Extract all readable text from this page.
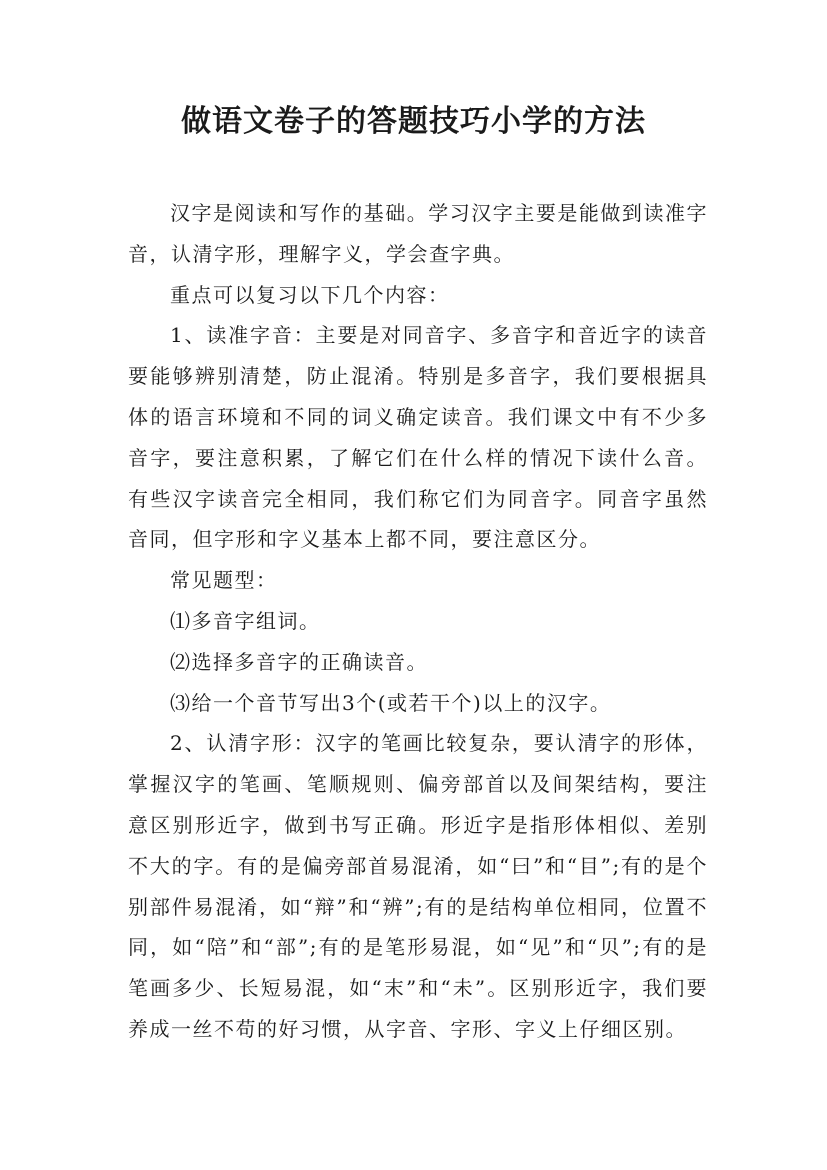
做语文卷子的答题技巧小学的方法

汉字是阅读和写作的基础。学习汉字主要是能做到读准字音，认清字形，理解字义，学会查字典。

重点可以复习以下几个内容：

1、读准字音：主要是对同音字、多音字和音近字的读音要能够辨别清楚，防止混淆。特别是多音字，我们要根据具体的语言环境和不同的词义确定读音。我们课文中有不少多音字，要注意积累，了解它们在什么样的情况下读什么音。有些汉字读音完全相同，我们称它们为同音字。同音字虽然音同，但字形和字义基本上都不同，要注意区分。

常见题型：

⑴多音字组词。

⑵选择多音字的正确读音。

⑶给一个音节写出3个(或若干个)以上的汉字。

2、认清字形：汉字的笔画比较复杂，要认清字的形体，掌握汉字的笔画、笔顺规则、偏旁部首以及间架结构，要注意区别形近字，做到书写正确。形近字是指形体相似、差别不大的字。有的是偏旁部首易混淆，如“曰”和“目”;有的是个别部件易混淆，如“辩”和“辨”;有的是结构单位相同，位置不同，如“陪”和“部”;有的是笔形易混，如“见”和“贝”;有的是笔画多少、长短易混，如“末”和“未”。区别形近字，我们要养成一丝不苟的好习惯，从字音、字形、字义上仔细区别。
